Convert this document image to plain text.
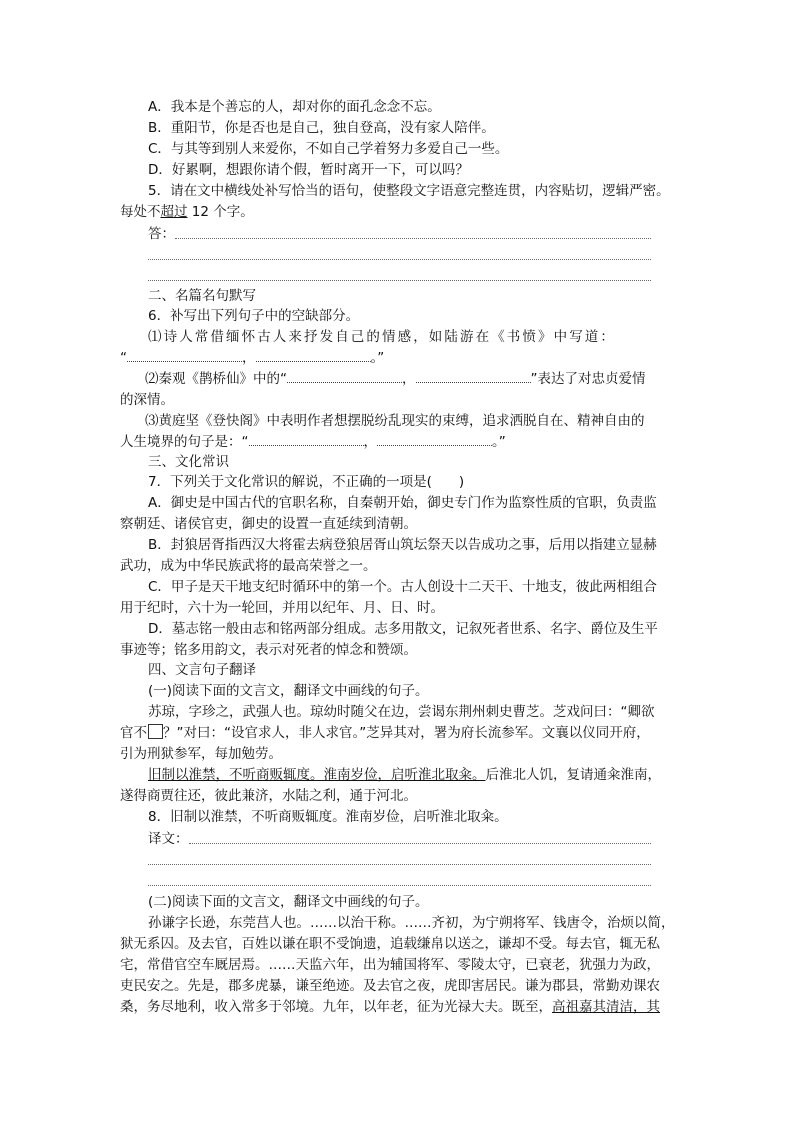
A．我本是个善忘的人，却对你的面孔念念不忘。
B．重阳节，你是否也是自己，独自登高，没有家人陪伴。
C．与其等到别人来爱你，不如自己学着努力多爱自己一些。
D．好累啊，想跟你请个假，暂时离开一下，可以吗？
5．请在文中横线处补写恰当的语句，使整段文字语意完整连贯，内容贴切，逻辑严密。
每处不超过 12 个字。
答：
二、名篇名句默写
6．补写出下列句子中的空缺部分。
⑴诗人常借缅怀古人来抒发自己的情感，如陆游在《书愤》中写道：
“	，	。”
⑵秦观《鹊桥仙》中的“	，	”表达了对忠贞爱情
的深情。
⑶黄庭坚《登快阁》中表明作者想摆脱纷乱现实的束缚，追求洒脱自在、精神自由的
人生境界的句子是：“	，	。”
三、文化常识
7．下列关于文化常识的解说，不正确的一项是(　　)
A．御史是中国古代的官职名称，自秦朝开始，御史专门作为监察性质的官职，负责监
察朝廷、诸侯官吏，御史的设置一直延续到清朝。
B．封狼居胥指西汉大将霍去病登狼居胥山筑坛祭天以告成功之事，后用以指建立显赫
武功，成为中华民族武将的最高荣誉之一。
C．甲子是天干地支纪时循环中的第一个。古人创设十二天干、十地支，彼此两相组合
用于纪时，六十为一轮回，并用以纪年、月、日、时。
D．墓志铭一般由志和铭两部分组成。志多用散文，记叙死者世系、名字、爵位及生平
事迹等；铭多用韵文，表示对死者的悼念和赞颂。
四、文言句子翻译
(一)阅读下面的文言文，翻译文中画线的句子。
苏琼，字珍之，武强人也。琼幼时随父在边，尝谒东荆州刺史曹芝。芝戏问曰：“卿欲
官不 ？”对曰：“设官求人，非人求官。”芝异其对，署为府长流参军。文襄以仪同开府，
引为刑狱参军，每加勉劳。
旧制以淮禁，不听商贩辄度。淮南岁俭，启听淮北取籴。后淮北人饥，复请通籴淮南，
遂得商贾往还，彼此兼济，水陆之利，通于河北。
8．旧制以淮禁，不听商贩辄度。淮南岁俭，启听淮北取籴。
译文：
(二)阅读下面的文言文，翻译文中画线的句子。
孙谦字长逊，东莞莒人也。……以治干称。……齐初，为宁朔将军、钱唐令，治烦以简，
狱无系囚。及去官，百姓以谦在职不受饷遗，追载缣帛以送之，谦却不受。每去官，辄无私
宅，常借官空车厩居焉。……天监六年，出为辅国将军、零陵太守，已衰老，犹强力为政，
吏民安之。先是，郡多虎暴，谦至绝迹。及去官之夜，虎即害居民。谦为郡县，常勤劝课农
桑，务尽地利，收入常多于邻境。九年，以年老，征为光禄大夫。既至，高祖嘉其清洁，其
